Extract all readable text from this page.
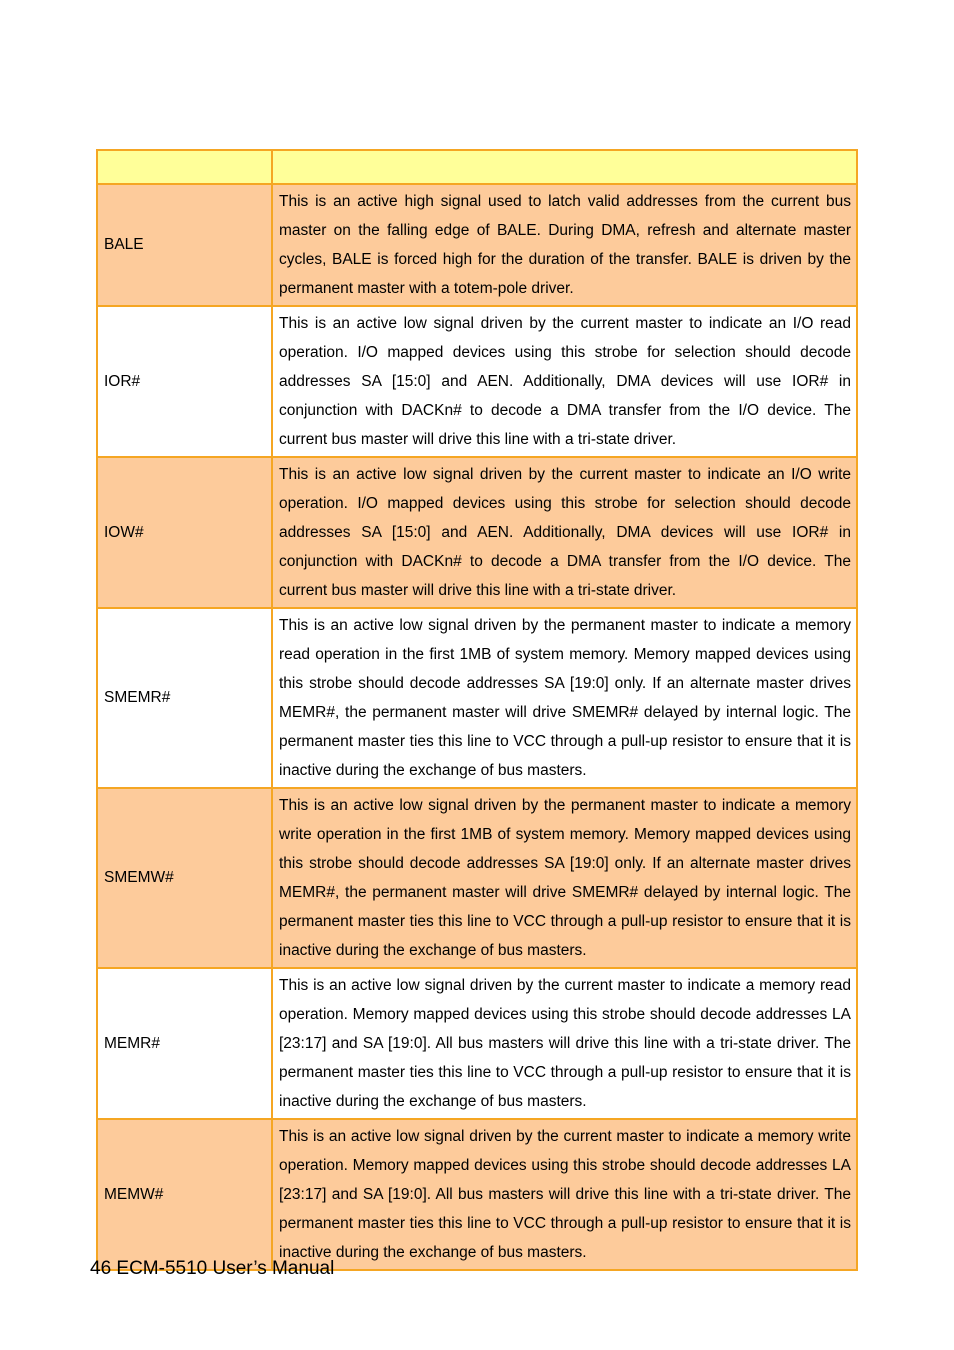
BALE	This is an active high signal used to latch valid addresses from the current bus master on the falling edge of BALE. During DMA, refresh and alternate master cycles, BALE is forced high for the duration of the transfer. BALE is driven by the permanent master with a totem-pole driver.
IOR#	This is an active low signal driven by the current master to indicate an I/O read operation. I/O mapped devices using this strobe for selection should decode addresses SA [15:0] and AEN. Additionally, DMA devices will use IOR# in conjunction with DACKn# to decode a DMA transfer from the I/O device. The current bus master will drive this line with a tri-state driver.
IOW#	This is an active low signal driven by the current master to indicate an I/O write operation. I/O mapped devices using this strobe for selection should decode addresses SA [15:0] and AEN. Additionally, DMA devices will use IOR# in conjunction with DACKn# to decode a DMA transfer from the I/O device. The current bus master will drive this line with a tri-state driver.
SMEMR#	This is an active low signal driven by the permanent master to indicate a memory read operation in the first 1MB of system memory. Memory mapped devices using this strobe should decode addresses SA [19:0] only. If an alternate master drives MEMR#, the permanent master will drive SMEMR# delayed by internal logic. The permanent master ties this line to VCC through a pull-up resistor to ensure that it is inactive during the exchange of bus masters.
SMEMW#	This is an active low signal driven by the permanent master to indicate a memory write operation in the first 1MB of system memory. Memory mapped devices using this strobe should decode addresses SA [19:0] only. If an alternate master drives MEMR#, the permanent master will drive SMEMR# delayed by internal logic. The permanent master ties this line to VCC through a pull-up resistor to ensure that it is inactive during the exchange of bus masters.
MEMR#	This is an active low signal driven by the current master to indicate a memory read operation. Memory mapped devices using this strobe should decode addresses LA [23:17] and SA [19:0]. All bus masters will drive this line with a tri-state driver. The permanent master ties this line to VCC through a pull-up resistor to ensure that it is inactive during the exchange of bus masters.
MEMW#	This is an active low signal driven by the current master to indicate a memory write operation. Memory mapped devices using this strobe should decode addresses LA [23:17] and SA [19:0]. All bus masters will drive this line with a tri-state driver. The permanent master ties this line to VCC through a pull-up resistor to ensure that it is inactive during the exchange of bus masters.
46 ECM-5510 User’s Manual
